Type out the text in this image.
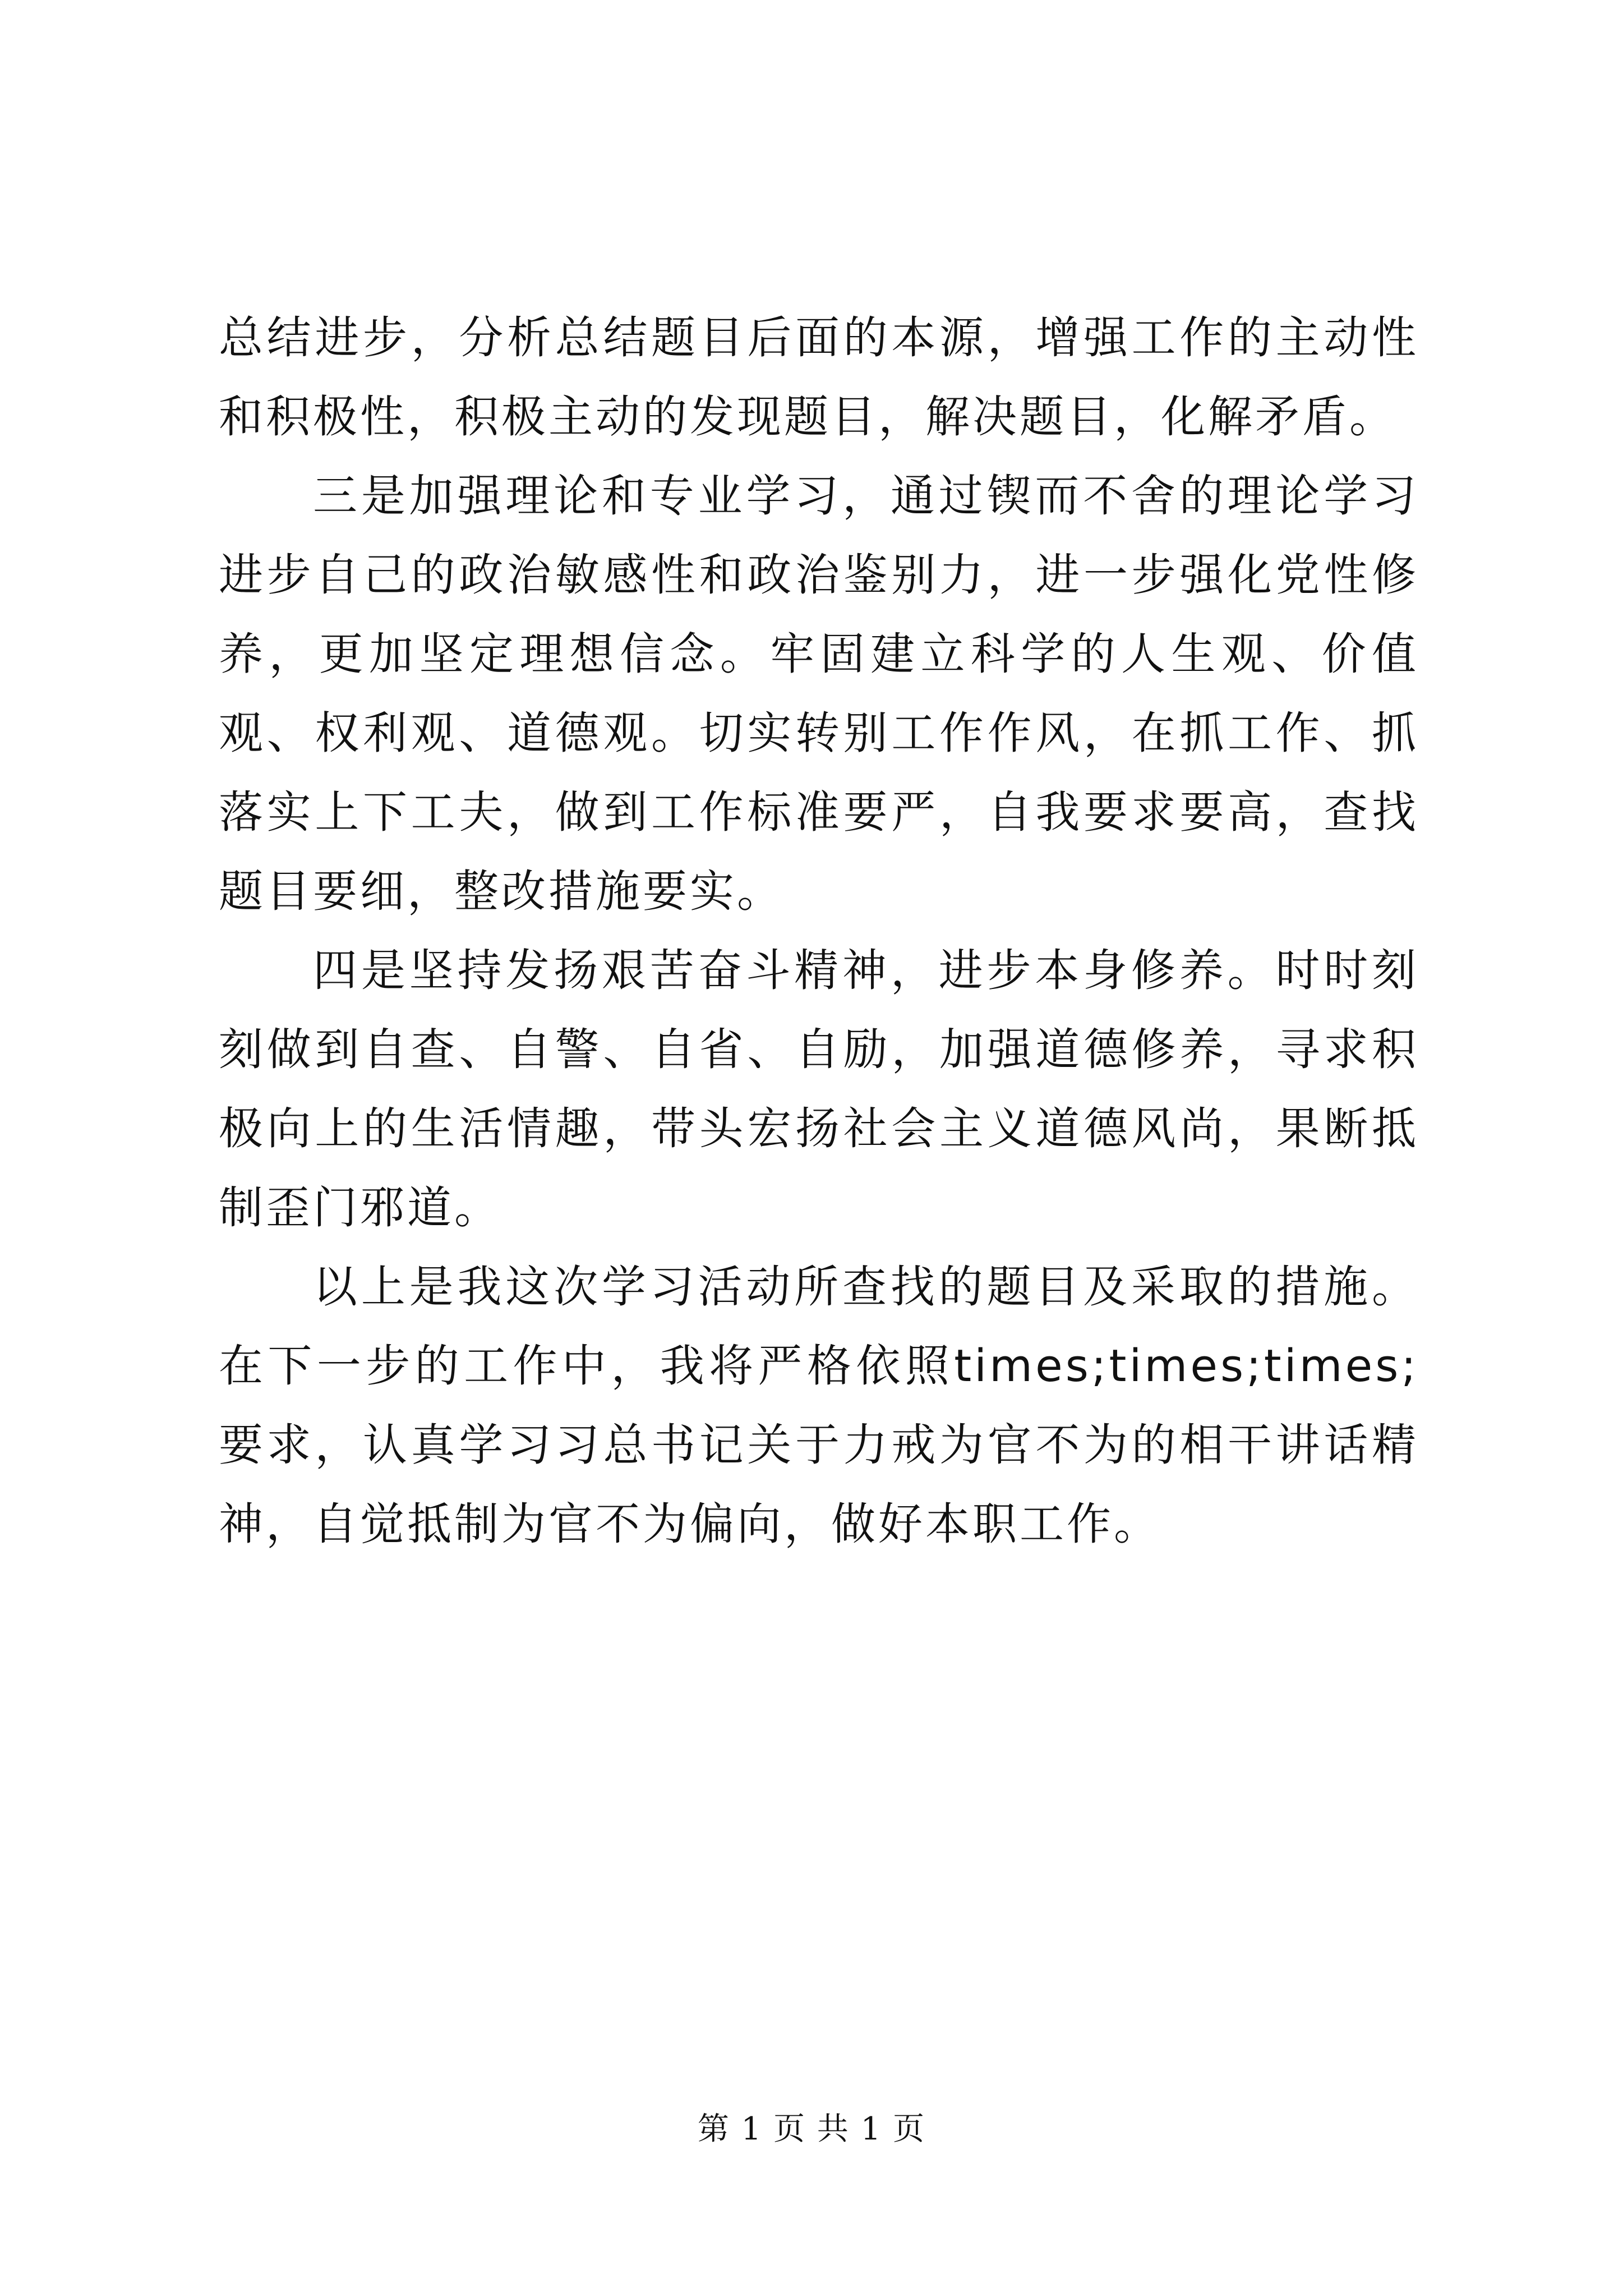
总结进步，分析总结题目后面的本源，增强工作的主动性和积极性，积极主动的发现题目，解决题目，化解矛盾。

三是加强理论和专业学习，通过锲而不舍的理论学习进步自己的政治敏感性和政治鉴别力，进一步强化党性修养，更加坚定理想信念。牢固建立科学的人生观、价值观、权利观、道德观。切实转别工作作风，在抓工作、抓落实上下工夫，做到工作标准要严，自我要求要高，查找题目要细，整改措施要实。

四是坚持发扬艰苦奋斗精神，进步本身修养。时时刻刻做到自查、自警、自省、自励，加强道德修养，寻求积极向上的生活情趣，带头宏扬社会主义道德风尚，果断抵制歪门邪道。

以上是我这次学习活动所查找的题目及采取的措施。在下一步的工作中，我将严格依照times;times;times;要求，认真学习习总书记关于力戒为官不为的相干讲话精神，自觉抵制为官不为偏向，做好本职工作。

第 1 页 共 1 页
